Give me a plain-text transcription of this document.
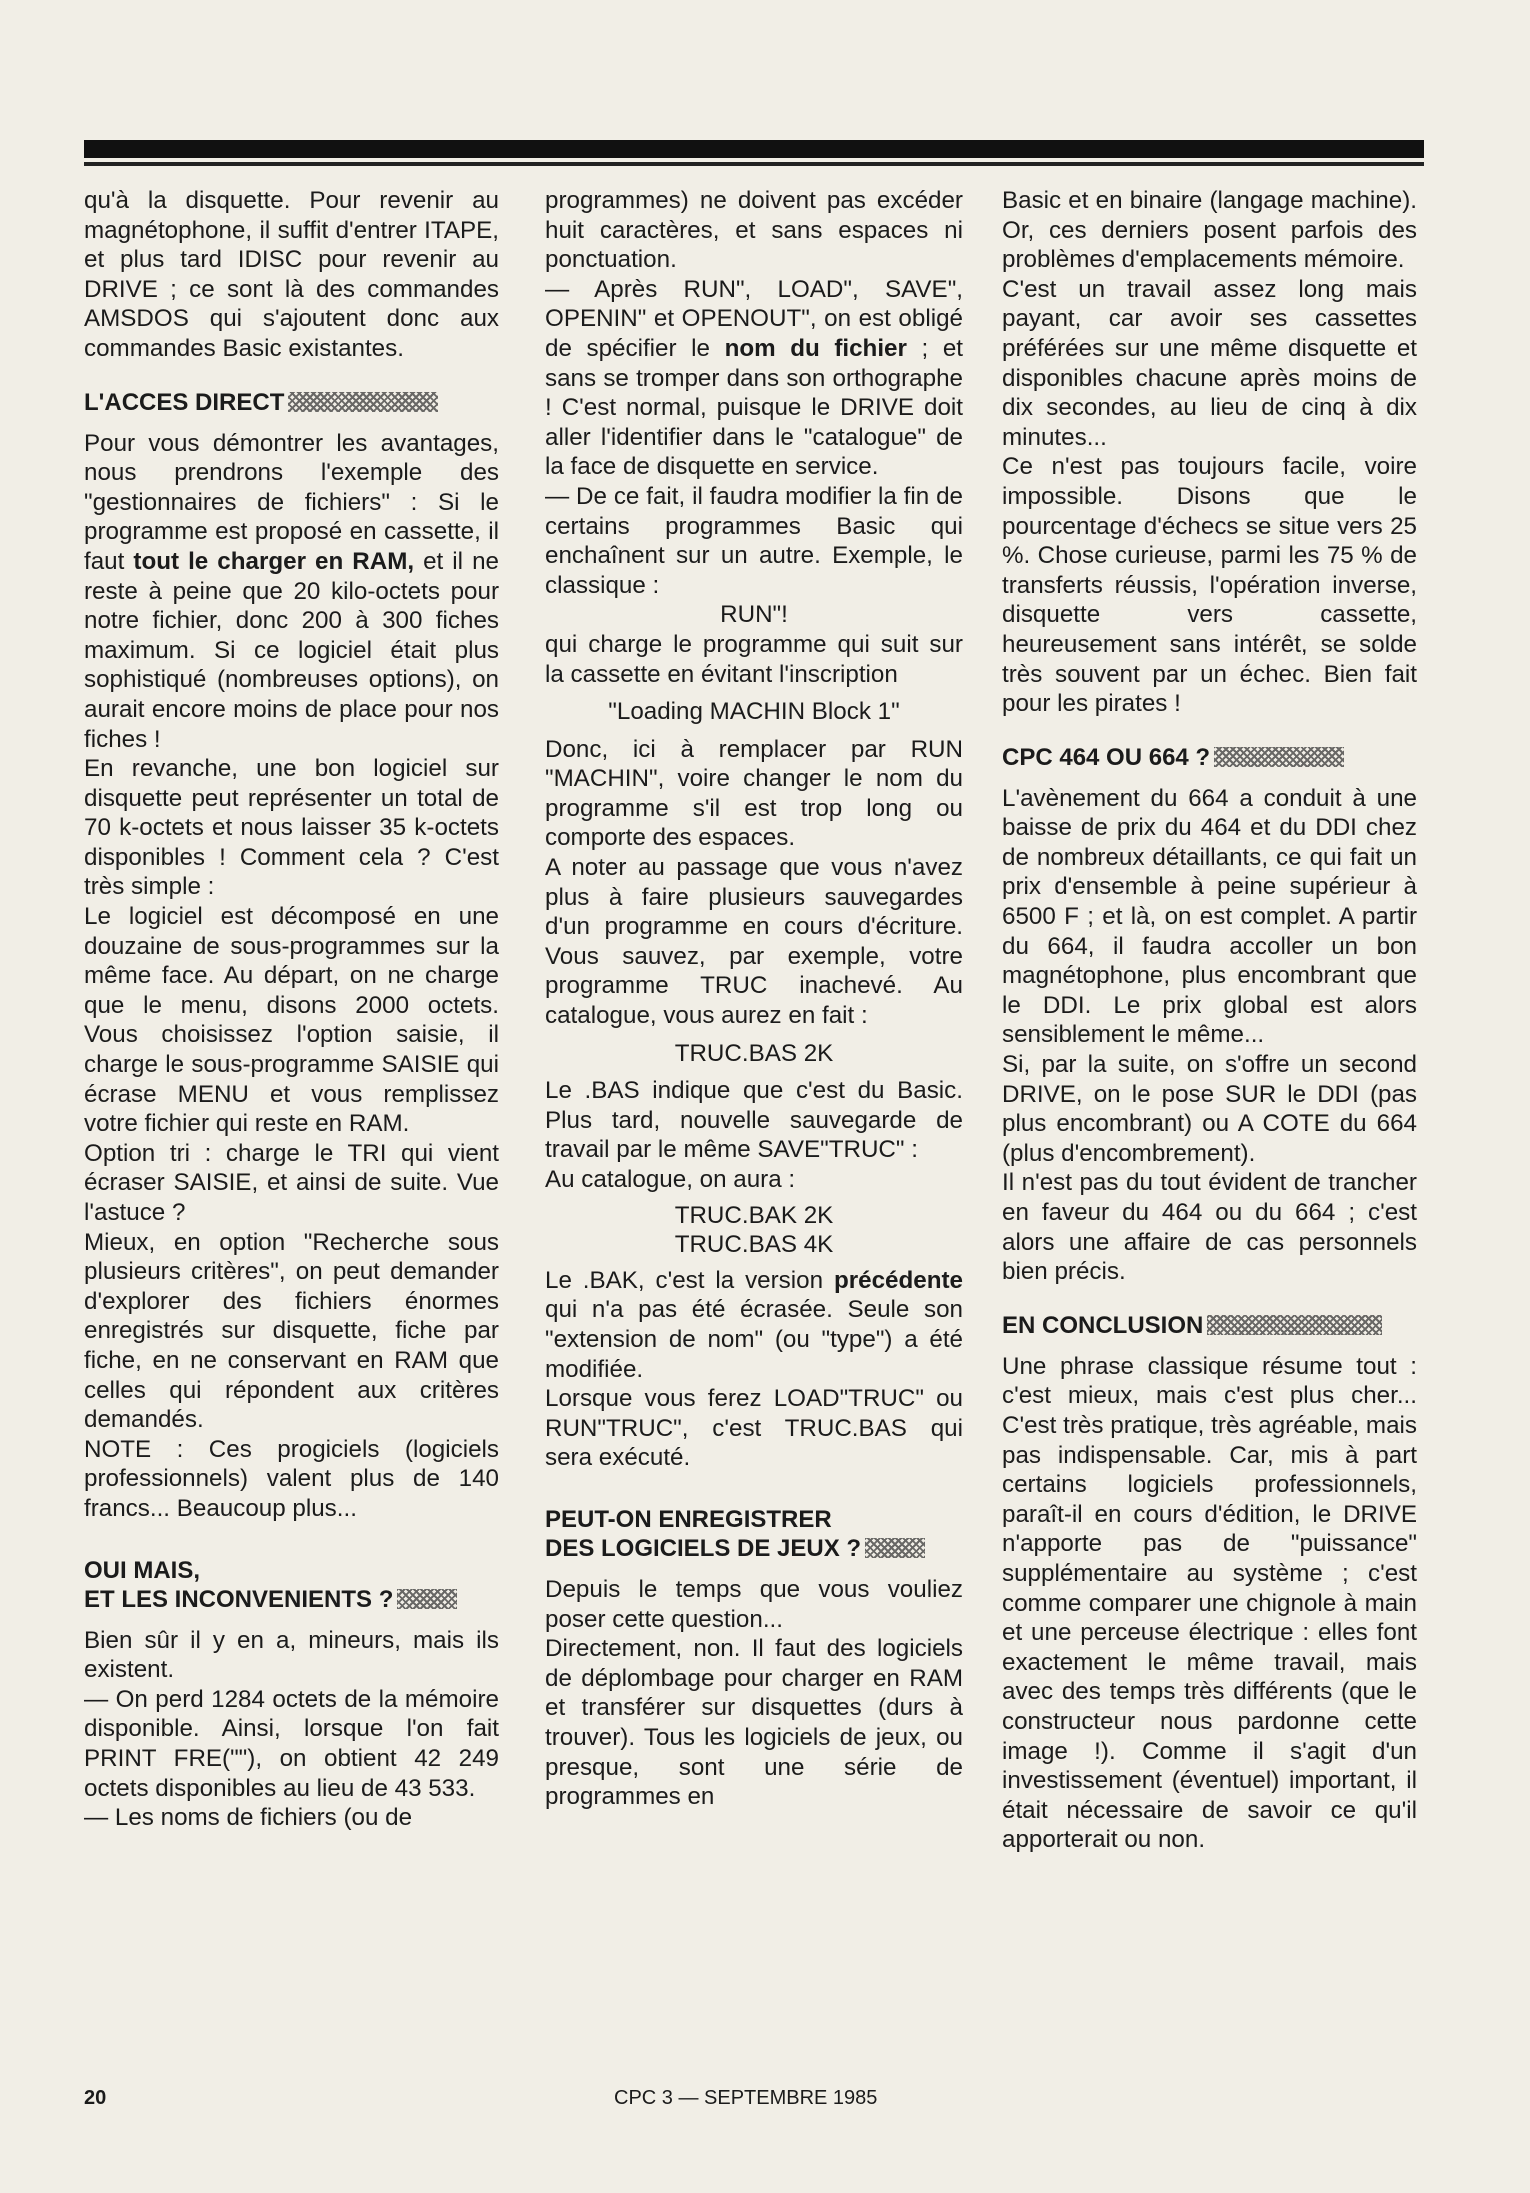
qu'à la disquette. Pour revenir au magnétophone, il suffit d'entrer ITAPE, et plus tard IDISC pour revenir au DRIVE ; ce sont là des commandes AMSDOS qui s'ajoutent donc aux commandes Basic existantes.

L'ACCES DIRECT

Pour vous démontrer les avantages, nous prendrons l'exemple des "gestionnaires de fichiers" : Si le programme est proposé en cassette, il faut tout le charger en RAM, et il ne reste à peine que 20 kilo-octets pour notre fichier, donc 200 à 300 fiches maximum. Si ce logiciel était plus sophistiqué (nombreuses options), on aurait encore moins de place pour nos fiches !

En revanche, une bon logiciel sur disquette peut représenter un total de 70 k-octets et nous laisser 35 k-octets disponibles ! Comment cela ? C'est très simple :

Le logiciel est décomposé en une douzaine de sous-programmes sur la même face. Au départ, on ne charge que le menu, disons 2000 octets. Vous choisissez l'option saisie, il charge le sous-programme SAISIE qui écrase MENU et vous remplissez votre fichier qui reste en RAM.

Option tri : charge le TRI qui vient écraser SAISIE, et ainsi de suite. Vue l'astuce ?

Mieux, en option "Recherche sous plusieurs critères", on peut demander d'explorer des fichiers énormes enregistrés sur disquette, fiche par fiche, en ne conservant en RAM que celles qui répondent aux critères demandés.

NOTE : Ces progiciels (logiciels professionnels) valent plus de 140 francs... Beaucoup plus...

OUI MAIS,
ET LES INCONVENIENTS ?

Bien sûr il y en a, mineurs, mais ils existent.

— On perd 1284 octets de la mémoire disponible. Ainsi, lorsque l'on fait PRINT FRE(""), on obtient 42 249 octets disponibles au lieu de 43 533.

— Les noms de fichiers (ou de

programmes) ne doivent pas excéder huit caractères, et sans espaces ni ponctuation.

— Après RUN", LOAD", SAVE", OPENIN" et OPENOUT", on est obligé de spécifier le nom du fichier ; et sans se tromper dans son orthographe ! C'est normal, puisque le DRIVE doit aller l'identifier dans le "catalogue" de la face de disquette en service.

— De ce fait, il faudra modifier la fin de certains programmes Basic qui enchaînent sur un autre. Exemple, le classique :

RUN"!

qui charge le programme qui suit sur la cassette en évitant l'inscription

"Loading MACHIN Block 1"

Donc, ici à remplacer par RUN "MACHIN", voire changer le nom du programme s'il est trop long ou comporte des espaces.

A noter au passage que vous n'avez plus à faire plusieurs sauvegardes d'un programme en cours d'écriture. Vous sauvez, par exemple, votre programme TRUC inachevé. Au catalogue, vous aurez en fait :

TRUC.BAS 2K

Le .BAS indique que c'est du Basic. Plus tard, nouvelle sauvegarde de travail par le même SAVE"TRUC" :

Au catalogue, on aura :

TRUC.BAK 2K

TRUC.BAS 4K

Le .BAK, c'est la version précédente qui n'a pas été écrasée. Seule son "extension de nom" (ou "type") a été modifiée.

Lorsque vous ferez LOAD"TRUC" ou RUN"TRUC", c'est TRUC.BAS qui sera exécuté.

PEUT-ON ENREGISTRER
DES LOGICIELS DE JEUX ?

Depuis le temps que vous vouliez poser cette question...

Directement, non. Il faut des logiciels de déplombage pour charger en RAM et transférer sur disquettes (durs à trouver). Tous les logiciels de jeux, ou presque, sont une série de programmes en

Basic et en binaire (langage machine). Or, ces derniers posent parfois des problèmes d'emplacements mémoire.

C'est un travail assez long mais payant, car avoir ses cassettes préférées sur une même disquette et disponibles chacune après moins de dix secondes, au lieu de cinq à dix minutes...

Ce n'est pas toujours facile, voire impossible. Disons que le pourcentage d'échecs se situe vers 25 %. Chose curieuse, parmi les 75 % de transferts réussis, l'opération inverse, disquette vers cassette, heureusement sans intérêt, se solde très souvent par un échec. Bien fait pour les pirates !

CPC 464 OU 664 ?

L'avènement du 664 a conduit à une baisse de prix du 464 et du DDI chez de nombreux détaillants, ce qui fait un prix d'ensemble à peine supérieur à 6500 F ; et là, on est complet. A partir du 664, il faudra accoller un bon magnétophone, plus encombrant que le DDI. Le prix global est alors sensiblement le même...

Si, par la suite, on s'offre un second DRIVE, on le pose SUR le DDI (pas plus encombrant) ou A COTE du 664 (plus d'encombrement).

Il n'est pas du tout évident de trancher en faveur du 464 ou du 664 ; c'est alors une affaire de cas personnels bien précis.

EN CONCLUSION

Une phrase classique résume tout : c'est mieux, mais c'est plus cher... C'est très pratique, très agréable, mais pas indispensable. Car, mis à part certains logiciels professionnels, paraît-il en cours d'édition, le DRIVE n'apporte pas de "puissance" supplémentaire au système ; c'est comme comparer une chignole à main et une perceuse électrique : elles font exactement le même travail, mais avec des temps très différents (que le constructeur nous pardonne cette image !). Comme il s'agit d'un investissement (éventuel) important, il était nécessaire de savoir ce qu'il apporterait ou non.

20	CPC 3 — SEPTEMBRE 1985
